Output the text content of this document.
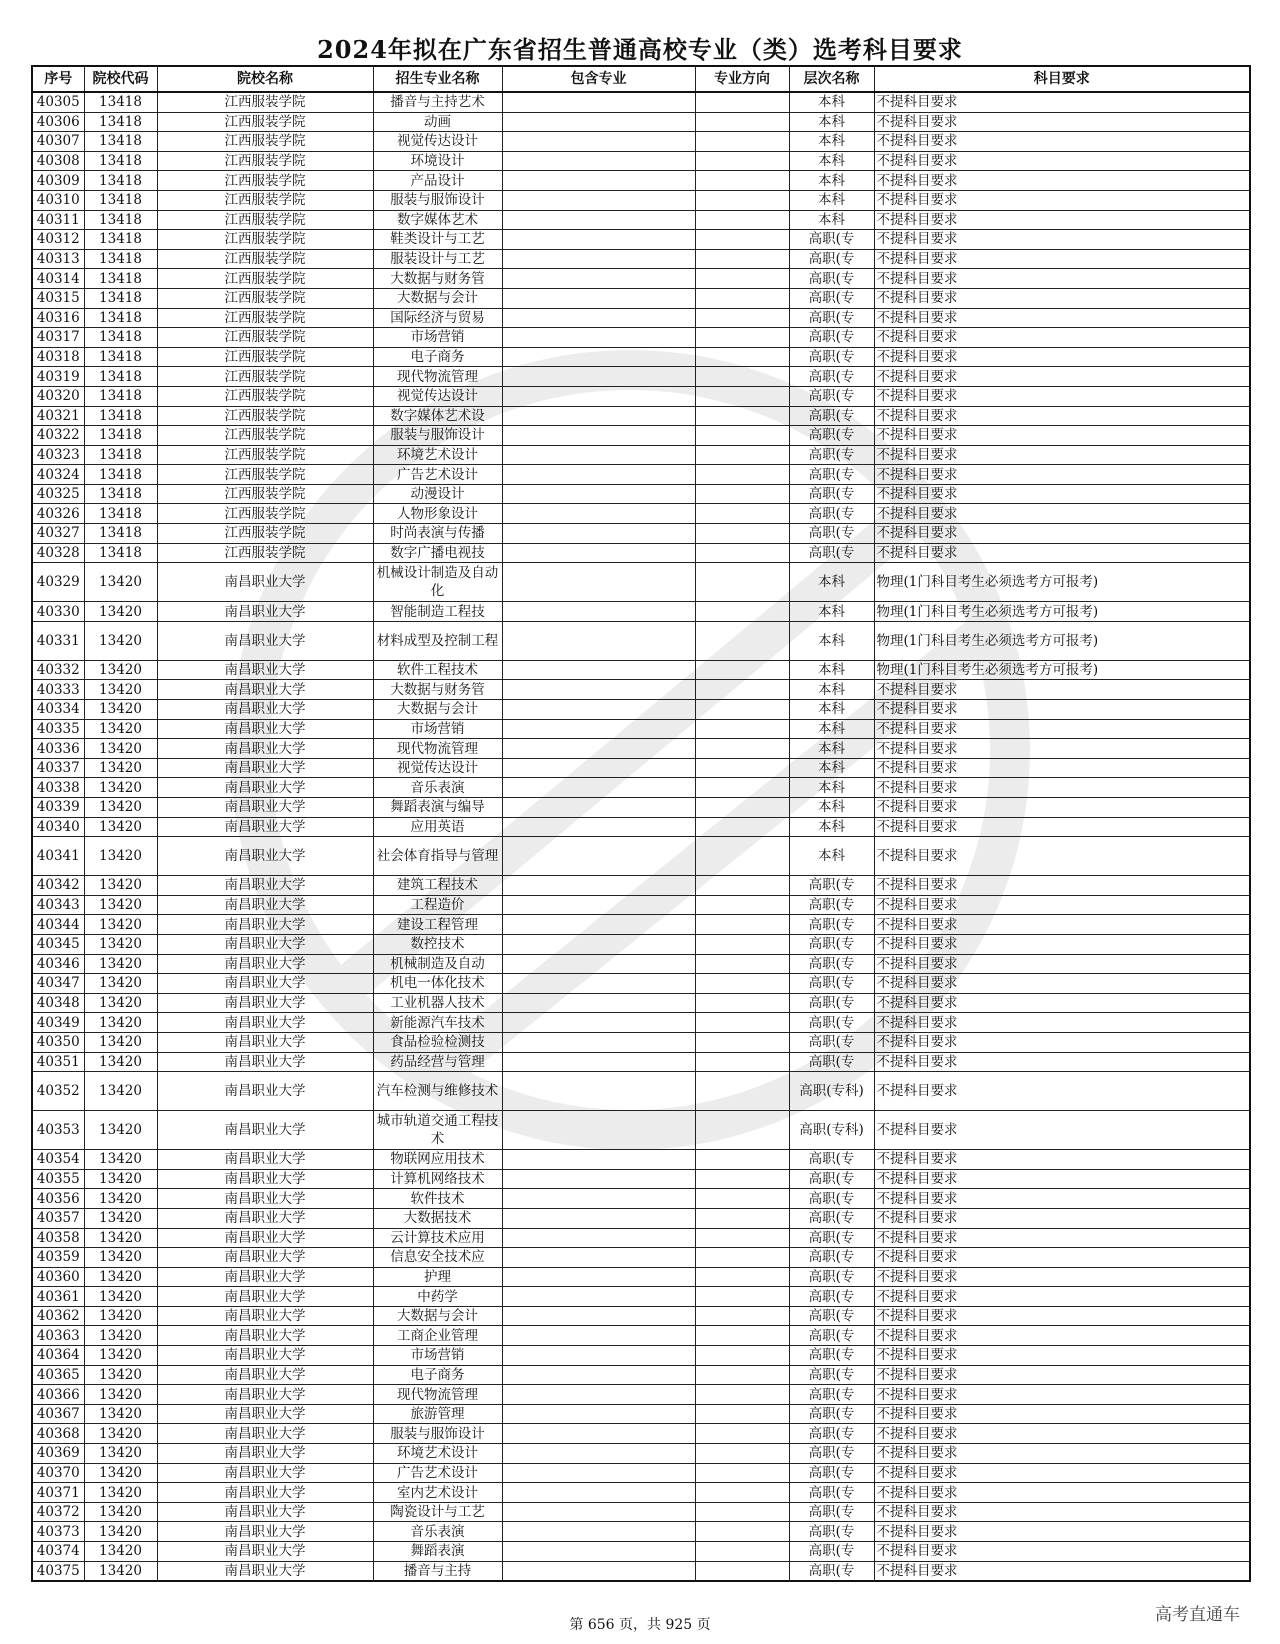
2024年拟在广东省招生普通高校专业（类）选考科目要求
序号	院校代码	院校名称	招生专业名称	包含专业	专业方向	层次名称	科目要求
40305	13418	江西服装学院	播音与主持艺术			本科	不提科目要求
40306	13418	江西服装学院	动画			本科	不提科目要求
40307	13418	江西服装学院	视觉传达设计			本科	不提科目要求
40308	13418	江西服装学院	环境设计			本科	不提科目要求
40309	13418	江西服装学院	产品设计			本科	不提科目要求
40310	13418	江西服装学院	服装与服饰设计			本科	不提科目要求
40311	13418	江西服装学院	数字媒体艺术			本科	不提科目要求
40312	13418	江西服装学院	鞋类设计与工艺			高职(专	不提科目要求
40313	13418	江西服装学院	服装设计与工艺			高职(专	不提科目要求
40314	13418	江西服装学院	大数据与财务管			高职(专	不提科目要求
40315	13418	江西服装学院	大数据与会计			高职(专	不提科目要求
40316	13418	江西服装学院	国际经济与贸易			高职(专	不提科目要求
40317	13418	江西服装学院	市场营销			高职(专	不提科目要求
40318	13418	江西服装学院	电子商务			高职(专	不提科目要求
40319	13418	江西服装学院	现代物流管理			高职(专	不提科目要求
40320	13418	江西服装学院	视觉传达设计			高职(专	不提科目要求
40321	13418	江西服装学院	数字媒体艺术设			高职(专	不提科目要求
40322	13418	江西服装学院	服装与服饰设计			高职(专	不提科目要求
40323	13418	江西服装学院	环境艺术设计			高职(专	不提科目要求
40324	13418	江西服装学院	广告艺术设计			高职(专	不提科目要求
40325	13418	江西服装学院	动漫设计			高职(专	不提科目要求
40326	13418	江西服装学院	人物形象设计			高职(专	不提科目要求
40327	13418	江西服装学院	时尚表演与传播			高职(专	不提科目要求
40328	13418	江西服装学院	数字广播电视技			高职(专	不提科目要求
40329	13420	南昌职业大学	机械设计制造及自动化			本科	物理(1门科目考生必须选考方可报考)
40330	13420	南昌职业大学	智能制造工程技			本科	物理(1门科目考生必须选考方可报考)
40331	13420	南昌职业大学	材料成型及控制工程			本科	物理(1门科目考生必须选考方可报考)
40332	13420	南昌职业大学	软件工程技术			本科	物理(1门科目考生必须选考方可报考)
40333	13420	南昌职业大学	大数据与财务管			本科	不提科目要求
40334	13420	南昌职业大学	大数据与会计			本科	不提科目要求
40335	13420	南昌职业大学	市场营销			本科	不提科目要求
40336	13420	南昌职业大学	现代物流管理			本科	不提科目要求
40337	13420	南昌职业大学	视觉传达设计			本科	不提科目要求
40338	13420	南昌职业大学	音乐表演			本科	不提科目要求
40339	13420	南昌职业大学	舞蹈表演与编导			本科	不提科目要求
40340	13420	南昌职业大学	应用英语			本科	不提科目要求
40341	13420	南昌职业大学	社会体育指导与管理			本科	不提科目要求
40342	13420	南昌职业大学	建筑工程技术			高职(专	不提科目要求
40343	13420	南昌职业大学	工程造价			高职(专	不提科目要求
40344	13420	南昌职业大学	建设工程管理			高职(专	不提科目要求
40345	13420	南昌职业大学	数控技术			高职(专	不提科目要求
40346	13420	南昌职业大学	机械制造及自动			高职(专	不提科目要求
40347	13420	南昌职业大学	机电一体化技术			高职(专	不提科目要求
40348	13420	南昌职业大学	工业机器人技术			高职(专	不提科目要求
40349	13420	南昌职业大学	新能源汽车技术			高职(专	不提科目要求
40350	13420	南昌职业大学	食品检验检测技			高职(专	不提科目要求
40351	13420	南昌职业大学	药品经营与管理			高职(专	不提科目要求
40352	13420	南昌职业大学	汽车检测与维修技术			高职(专科)	不提科目要求
40353	13420	南昌职业大学	城市轨道交通工程技术			高职(专科)	不提科目要求
40354	13420	南昌职业大学	物联网应用技术			高职(专	不提科目要求
40355	13420	南昌职业大学	计算机网络技术			高职(专	不提科目要求
40356	13420	南昌职业大学	软件技术			高职(专	不提科目要求
40357	13420	南昌职业大学	大数据技术			高职(专	不提科目要求
40358	13420	南昌职业大学	云计算技术应用			高职(专	不提科目要求
40359	13420	南昌职业大学	信息安全技术应			高职(专	不提科目要求
40360	13420	南昌职业大学	护理			高职(专	不提科目要求
40361	13420	南昌职业大学	中药学			高职(专	不提科目要求
40362	13420	南昌职业大学	大数据与会计			高职(专	不提科目要求
40363	13420	南昌职业大学	工商企业管理			高职(专	不提科目要求
40364	13420	南昌职业大学	市场营销			高职(专	不提科目要求
40365	13420	南昌职业大学	电子商务			高职(专	不提科目要求
40366	13420	南昌职业大学	现代物流管理			高职(专	不提科目要求
40367	13420	南昌职业大学	旅游管理			高职(专	不提科目要求
40368	13420	南昌职业大学	服装与服饰设计			高职(专	不提科目要求
40369	13420	南昌职业大学	环境艺术设计			高职(专	不提科目要求
40370	13420	南昌职业大学	广告艺术设计			高职(专	不提科目要求
40371	13420	南昌职业大学	室内艺术设计			高职(专	不提科目要求
40372	13420	南昌职业大学	陶瓷设计与工艺			高职(专	不提科目要求
40373	13420	南昌职业大学	音乐表演			高职(专	不提科目要求
40374	13420	南昌职业大学	舞蹈表演			高职(专	不提科目要求
40375	13420	南昌职业大学	播音与主持			高职(专	不提科目要求
第 656 页，共 925 页	高考直通车
